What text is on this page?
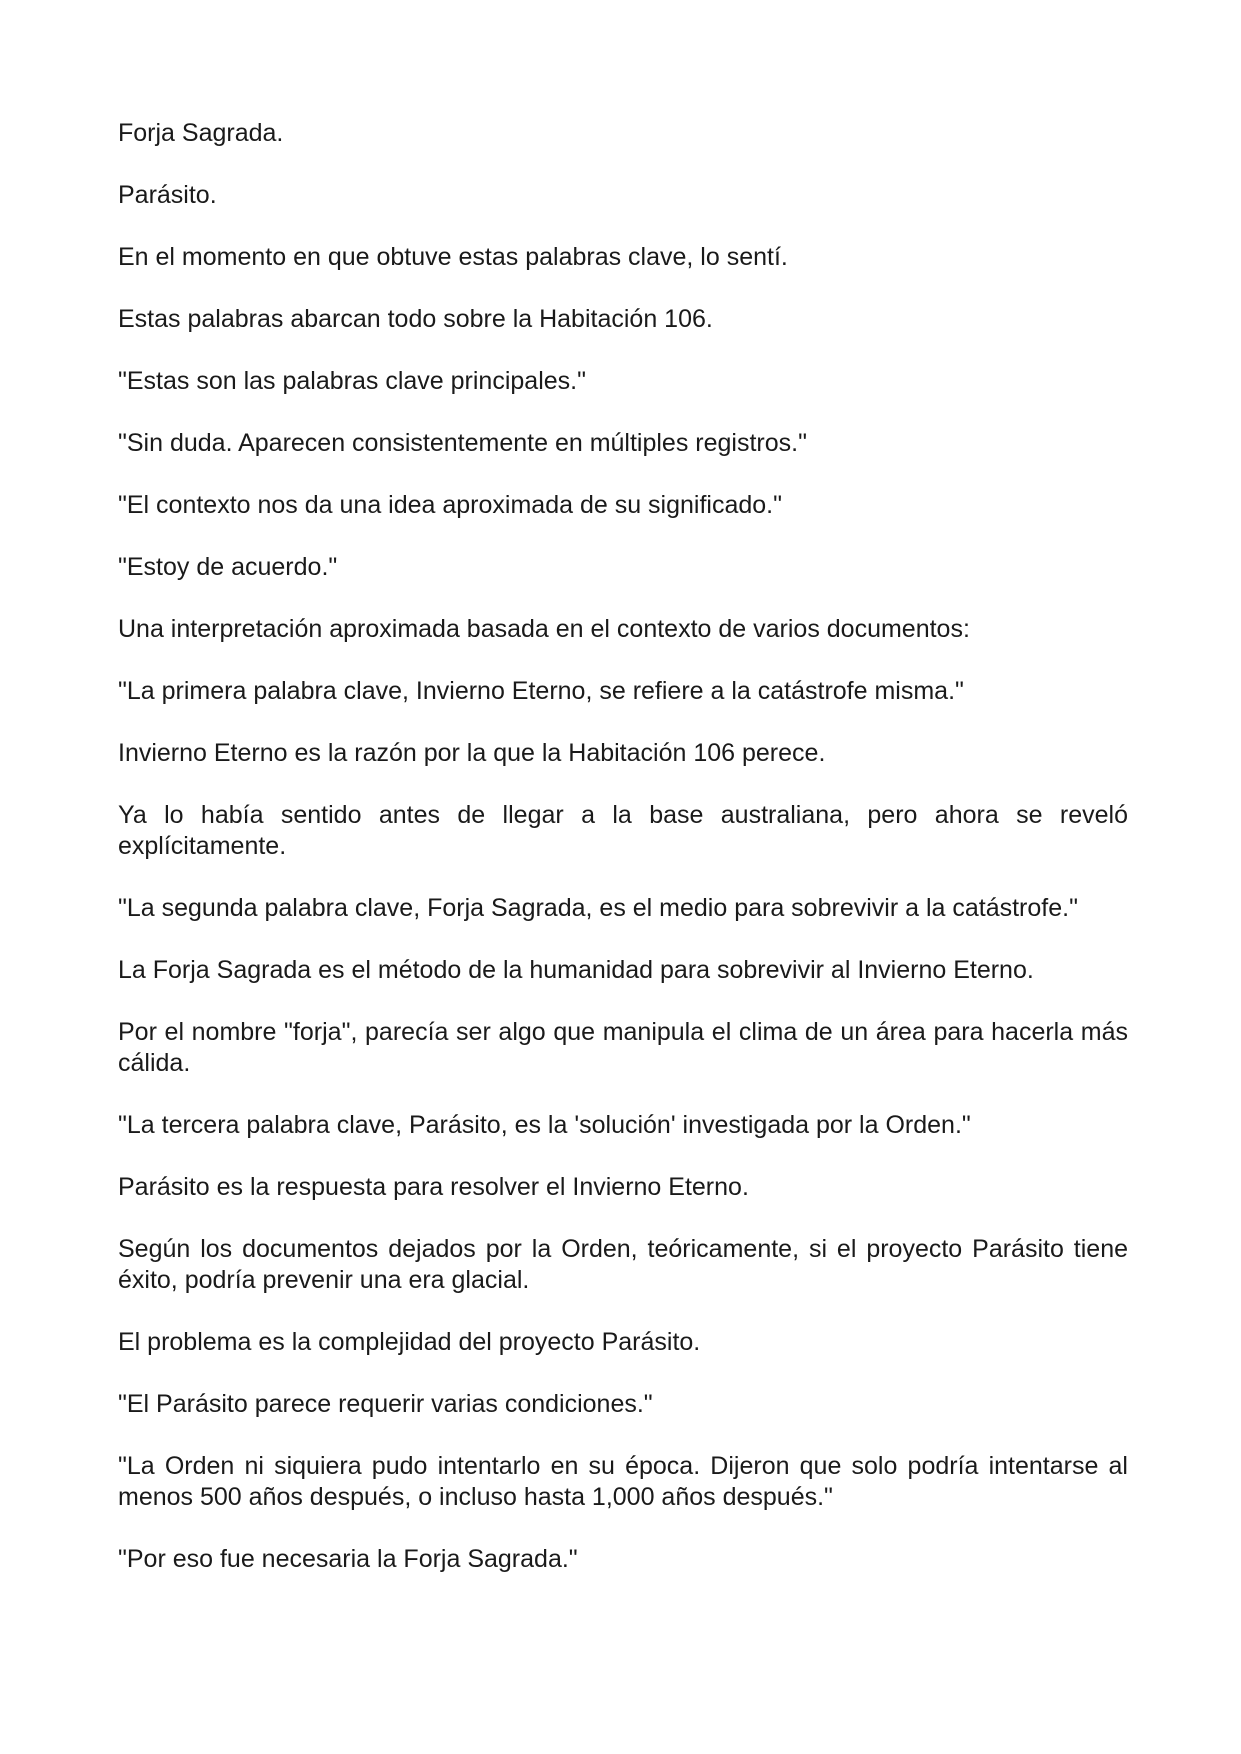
Forja Sagrada.

Parásito.

En el momento en que obtuve estas palabras clave, lo sentí.

Estas palabras abarcan todo sobre la Habitación 106.

"Estas son las palabras clave principales."

"Sin duda. Aparecen consistentemente en múltiples registros."

"El contexto nos da una idea aproximada de su significado."

"Estoy de acuerdo."

Una interpretación aproximada basada en el contexto de varios documentos:

"La primera palabra clave, Invierno Eterno, se refiere a la catástrofe misma."

Invierno Eterno es la razón por la que la Habitación 106 perece.

Ya lo había sentido antes de llegar a la base australiana, pero ahora se reveló explícitamente.

"La segunda palabra clave, Forja Sagrada, es el medio para sobrevivir a la catástrofe."

La Forja Sagrada es el método de la humanidad para sobrevivir al Invierno Eterno.

Por el nombre "forja", parecía ser algo que manipula el clima de un área para hacerla más cálida.

"La tercera palabra clave, Parásito, es la 'solución' investigada por la Orden."

Parásito es la respuesta para resolver el Invierno Eterno.

Según los documentos dejados por la Orden, teóricamente, si el proyecto Parásito tiene éxito, podría prevenir una era glacial.

El problema es la complejidad del proyecto Parásito.

"El Parásito parece requerir varias condiciones."

"La Orden ni siquiera pudo intentarlo en su época. Dijeron que solo podría intentarse al menos 500 años después, o incluso hasta 1,000 años después."

"Por eso fue necesaria la Forja Sagrada."
